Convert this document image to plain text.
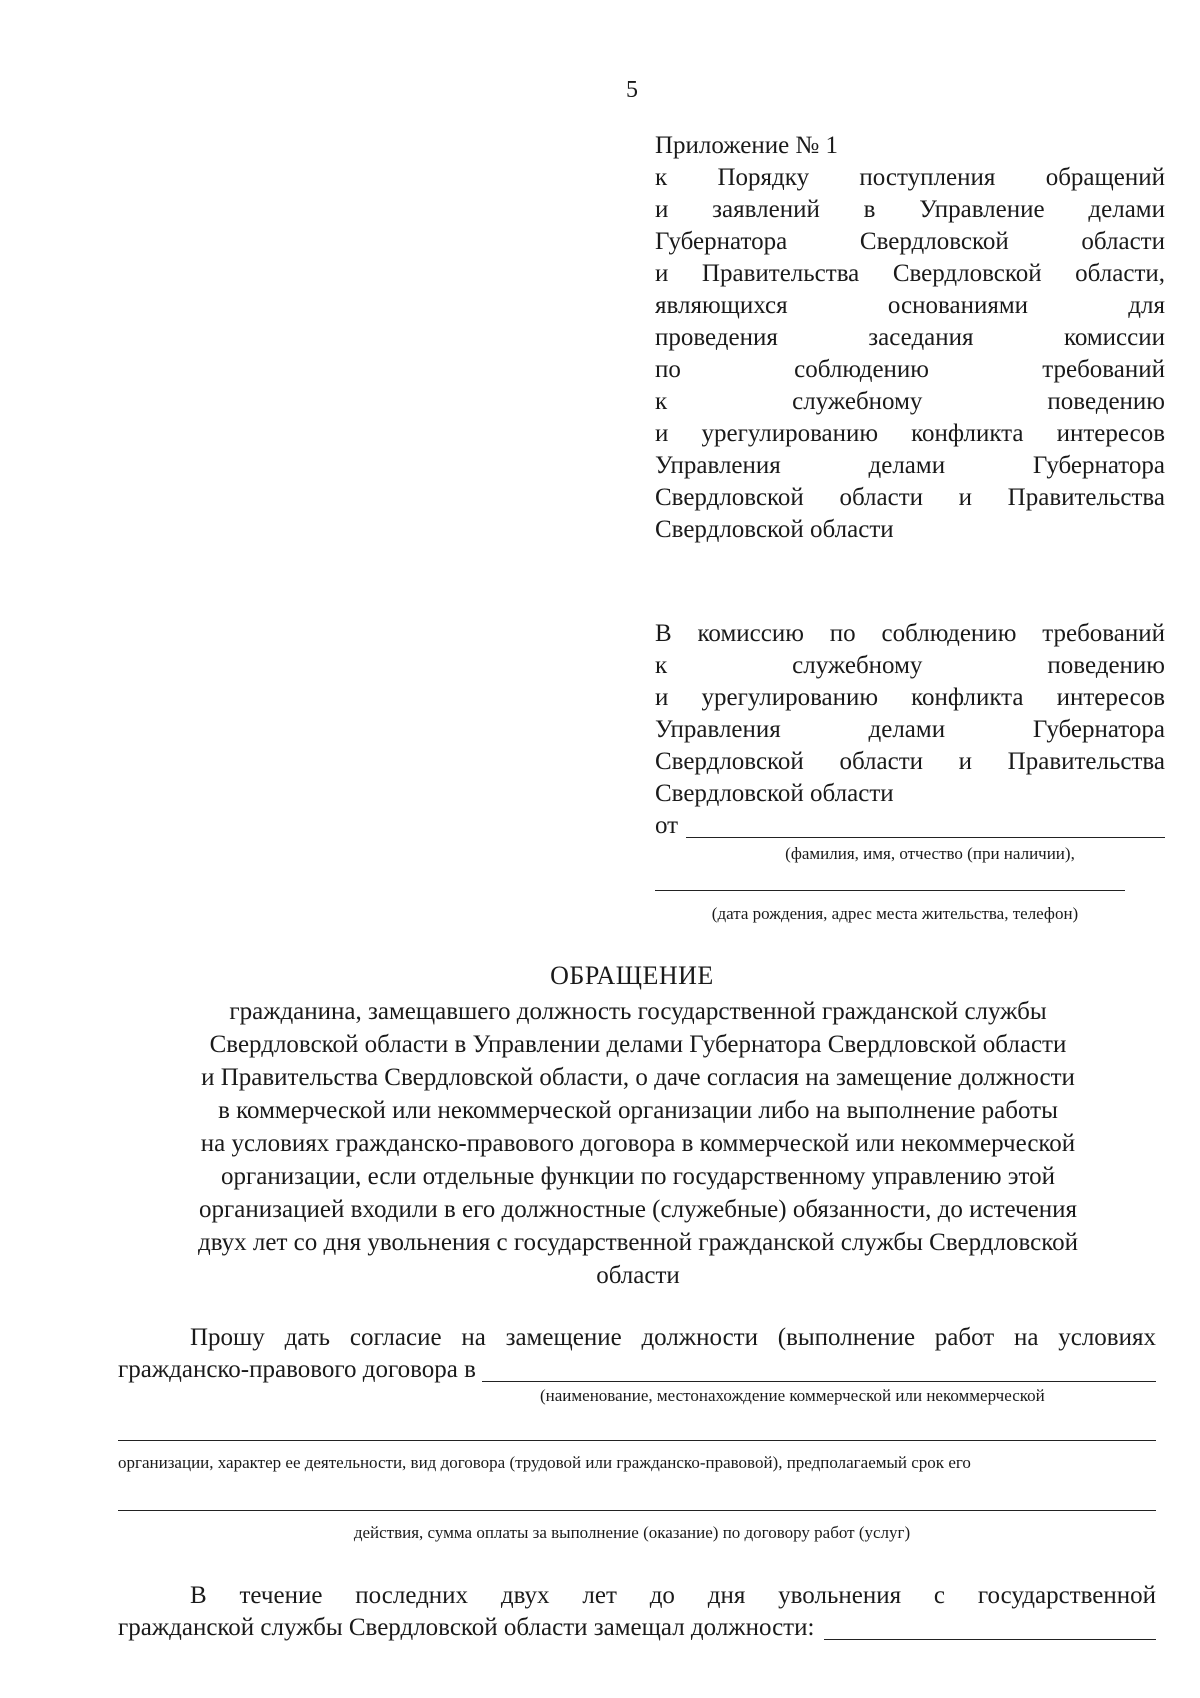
5
Приложение № 1
к Порядку поступления обращений
и заявлений в Управление делами
Губернатора Свердловской области
и Правительства Свердловской области,
являющихся основаниями для
проведения заседания комиссии
по соблюдению требований
к служебному поведению
и урегулированию конфликта интересов
Управления делами Губернатора
Свердловской области и Правительства
Свердловской области
В комиссию по соблюдению требований
к служебному поведению
и урегулированию конфликта интересов
Управления делами Губернатора
Свердловской области и Правительства
Свердловской области
от
(фамилия, имя, отчество (при наличии),
(дата рождения, адрес места жительства, телефон)
ОБРАЩЕНИЕ
гражданина, замещавшего должность государственной гражданской службы
Свердловской области в Управлении делами Губернатора Свердловской области
и Правительства Свердловской области, о даче согласия на замещение должности
в коммерческой или некоммерческой организации либо на выполнение работы
на условиях гражданско-правового договора в коммерческой или некоммерческой
организации, если отдельные функции по государственному управлению этой
организацией входили в его должностные (служебные) обязанности, до истечения
двух лет со дня увольнения с государственной гражданской службы Свердловской
области
Прошу дать согласие на замещение должности (выполнение работ на условиях
гражданско-правового договора в
(наименование, местонахождение коммерческой или некоммерческой
организации, характер ее деятельности, вид договора (трудовой или гражданско-правовой), предполагаемый срок его
действия, сумма оплаты за выполнение (оказание) по договору работ (услуг)
В течение последних двух лет до дня увольнения с государственной
гражданской службы Свердловской области замещал должности:
